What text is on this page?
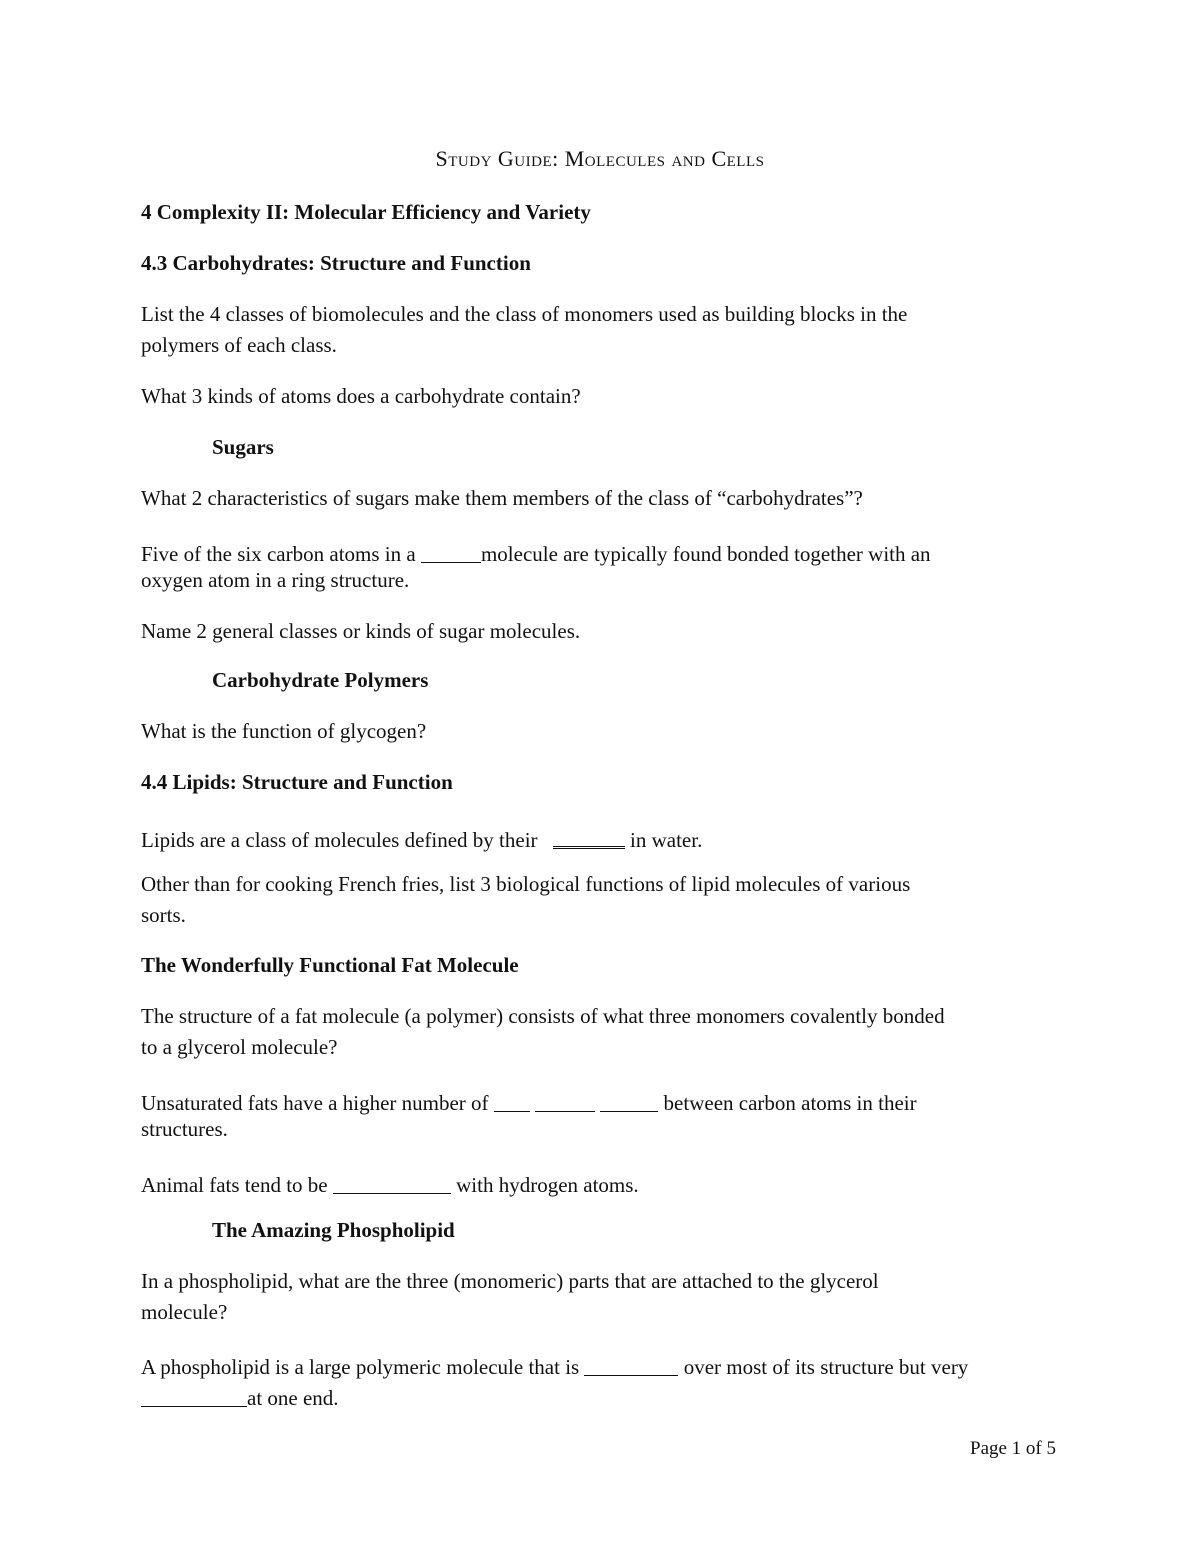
Study Guide: Molecules and Cells
4 Complexity II: Molecular Efficiency and Variety
4.3 Carbohydrates: Structure and Function
List the 4 classes of biomolecules and the class of monomers used as building blocks in the
polymers of each class.
What 3 kinds of atoms does a carbohydrate contain?
Sugars
What 2 characteristics of sugars make them members of the class of “carbohydrates”?
Five of the six carbon atoms in a	molecule are typically found bonded together with an
oxygen atom in a ring structure.
Name 2 general classes or kinds of sugar molecules.
Carbohydrate Polymers
What is the function of glycogen?
4.4 Lipids: Structure and Function
Lipids are a class of molecules defined by their	in water.
Other than for cooking French fries, list 3 biological functions of lipid molecules of various
sorts.
The Wonderfully Functional Fat Molecule
The structure of a fat molecule (a polymer) consists of what three monomers covalently bonded
to a glycerol molecule?
Unsaturated fats have a higher number of	between carbon atoms in their
structures.
Animal fats tend to be	with hydrogen atoms.
The Amazing Phospholipid
In a phospholipid, what are the three (monomeric) parts that are attached to the glycerol
molecule?
A phospholipid is a large polymeric molecule that is	over most of its structure but very
at one end.
Page 1 of 5
